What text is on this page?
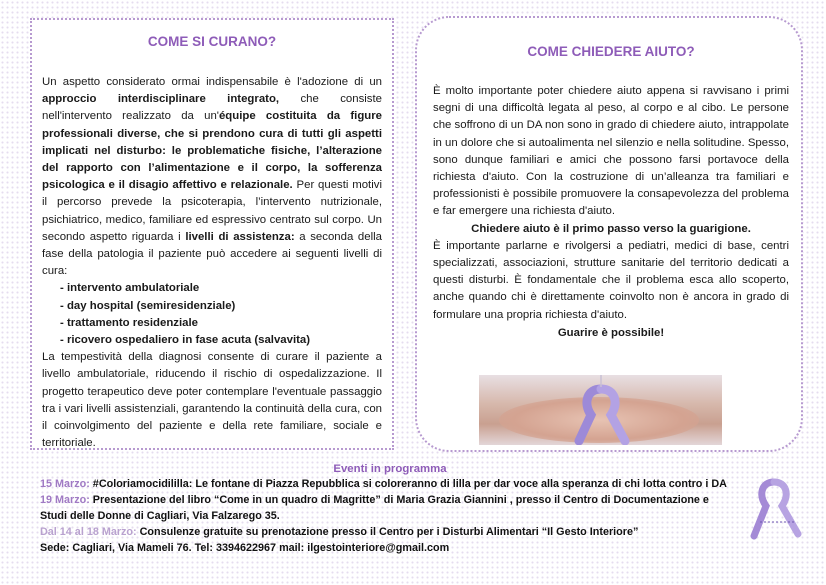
COME SI CURANO?

Un aspetto considerato ormai indispensabile è l'adozione di un approccio interdisciplinare integrato, che consiste nell'intervento realizzato da un'équipe costituita da figure professionali diverse, che si prendono cura di tutti gli aspetti implicati nel disturbo: le problematiche fisiche, l’alterazione del rapporto con l’alimentazione e il corpo, la sofferenza psicologica e il disagio affettivo e relazionale. Per questi motivi il percorso prevede la psicoterapia, l’intervento nutrizionale, psichiatrico, medico, familiare ed espressivo centrato sul corpo. Un secondo aspetto riguarda i livelli di assistenza: a seconda della fase della patologia il paziente può accedere ai seguenti livelli di cura:

- intervento ambulatoriale
- day hospital (semiresidenziale)
- trattamento residenziale
- ricovero ospedaliero in fase acuta (salvavita)

La tempestività della diagnosi consente di curare il paziente a livello ambulatoriale, riducendo il rischio di ospedalizzazione. Il progetto terapeutico deve poter contemplare l'eventuale passaggio tra i vari livelli assistenziali, garantendo la continuità della cura, con il coinvolgimento del paziente e della rete familiare, sociale e territoriale.

COME CHIEDERE AIUTO?

È molto importante poter chiedere aiuto appena si ravvisano i primi segni di una difficoltà legata al peso, al corpo e al cibo. Le persone che soffrono di un DA non sono in grado di chiedere aiuto, intrappolate in un dolore che si autoalimenta nel silenzio e nella solitudine. Spesso, sono dunque familiari e amici che possono farsi portavoce della richiesta d'aiuto. Con la costruzione di un’alleanza tra familiari e professionisti è possibile promuovere la consapevolezza del problema e far emergere una richiesta d'aiuto.

Chiedere aiuto è il primo passo verso la guarigione.

È importante parlarne e rivolgersi a pediatri, medici di base, centri specializzati, associazioni, strutture sanitarie del territorio dedicati a questi disturbi. È fondamentale che il problema esca allo scoperto, anche quando chi è direttamente coinvolto non è ancora in grado di formulare una propria richiesta d'aiuto.

Guarire è possibile!

Eventi in programma

15 Marzo: #Coloriamocidililla: Le fontane di Piazza Repubblica si coloreranno di lilla per dar voce alla speranza di chi lotta contro i DA

19 Marzo: Presentazione del libro “Come in un quadro di Magritte” di Maria Grazia Giannini , presso il Centro di Documentazione e

Studi delle Donne di Cagliari, Via Falzarego 35.

Dal 14 al 18 Marzo: Consulenze gratuite su prenotazione presso il Centro per i Disturbi Alimentari “Il Gesto Interiore”

Sede: Cagliari, Via Mameli 76. Tel: 3394622967 mail: ilgestointeriore@gmail.com
